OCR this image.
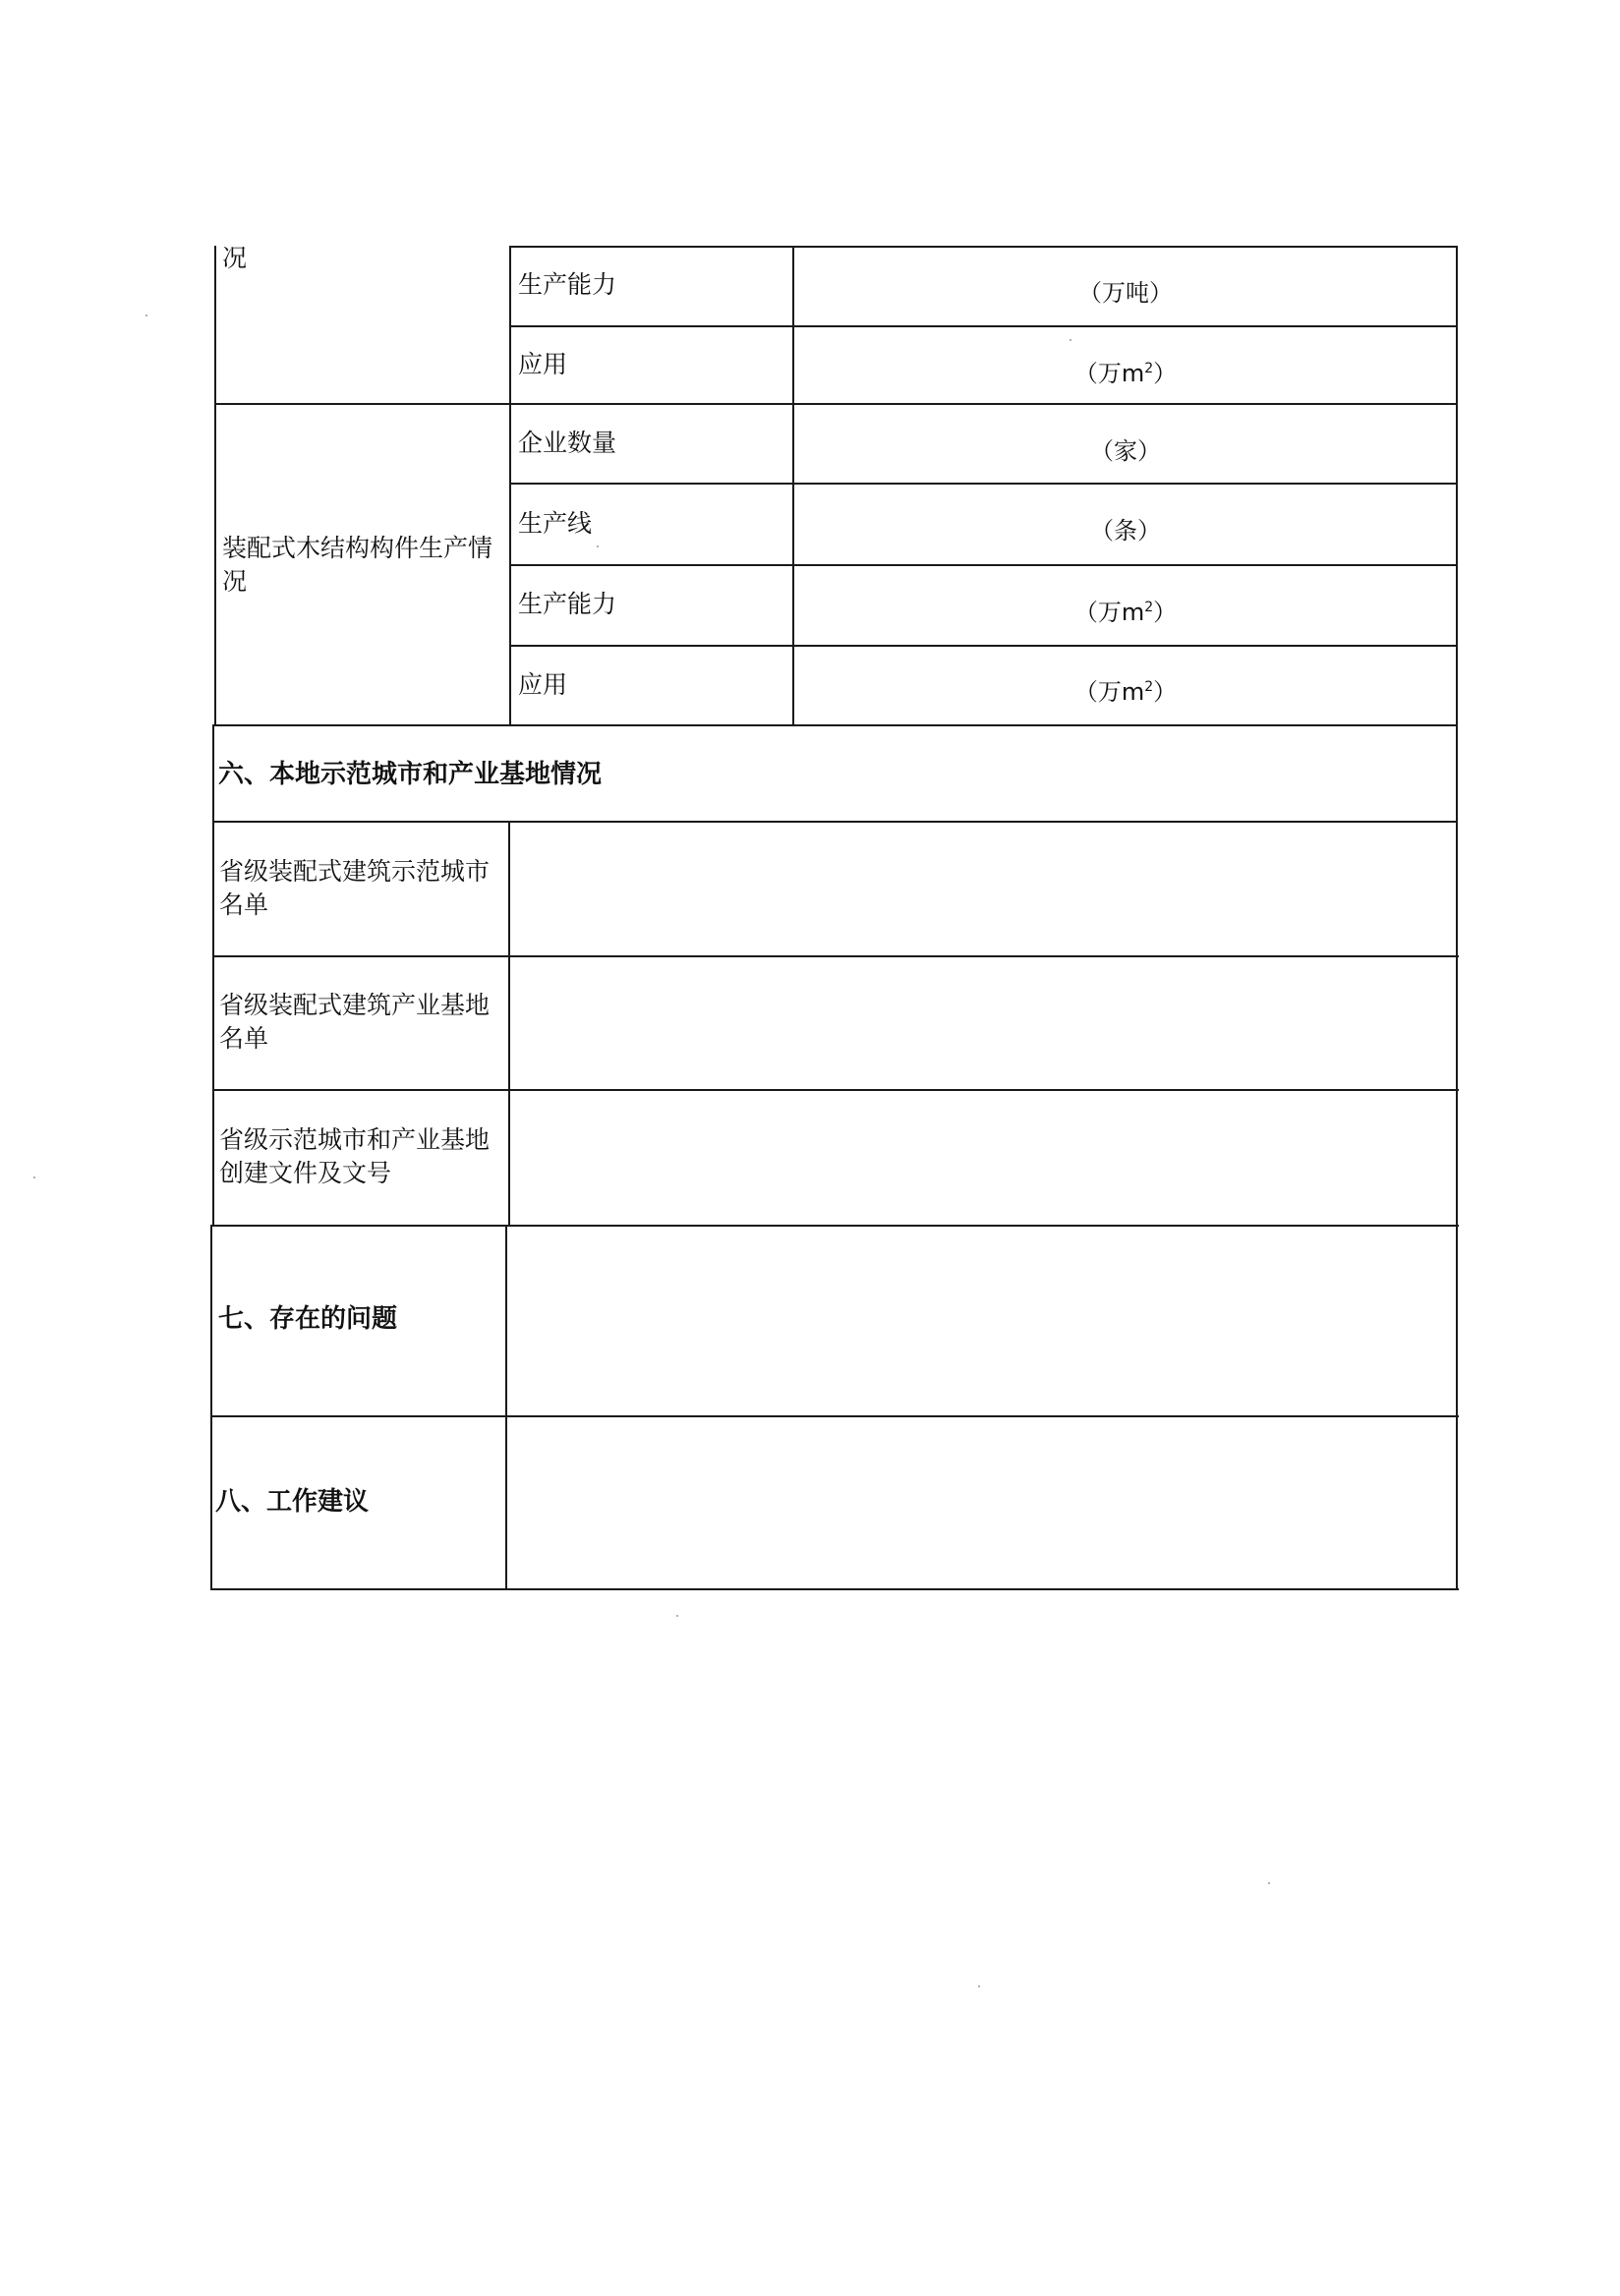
况
生产能力	（万吨）
应用	（万$m^2$）
装配式木结构构件生产情况
企业数量	（家）
生产线	（条）
生产能力	（万$m^2$）
应用	（万$m^2$）
六、本地示范城市和产业基地情况
省级装配式建筑示范城市名单
省级装配式建筑产业基地名单
省级示范城市和产业基地创建文件及文号
七、存在的问题
八、工作建议
